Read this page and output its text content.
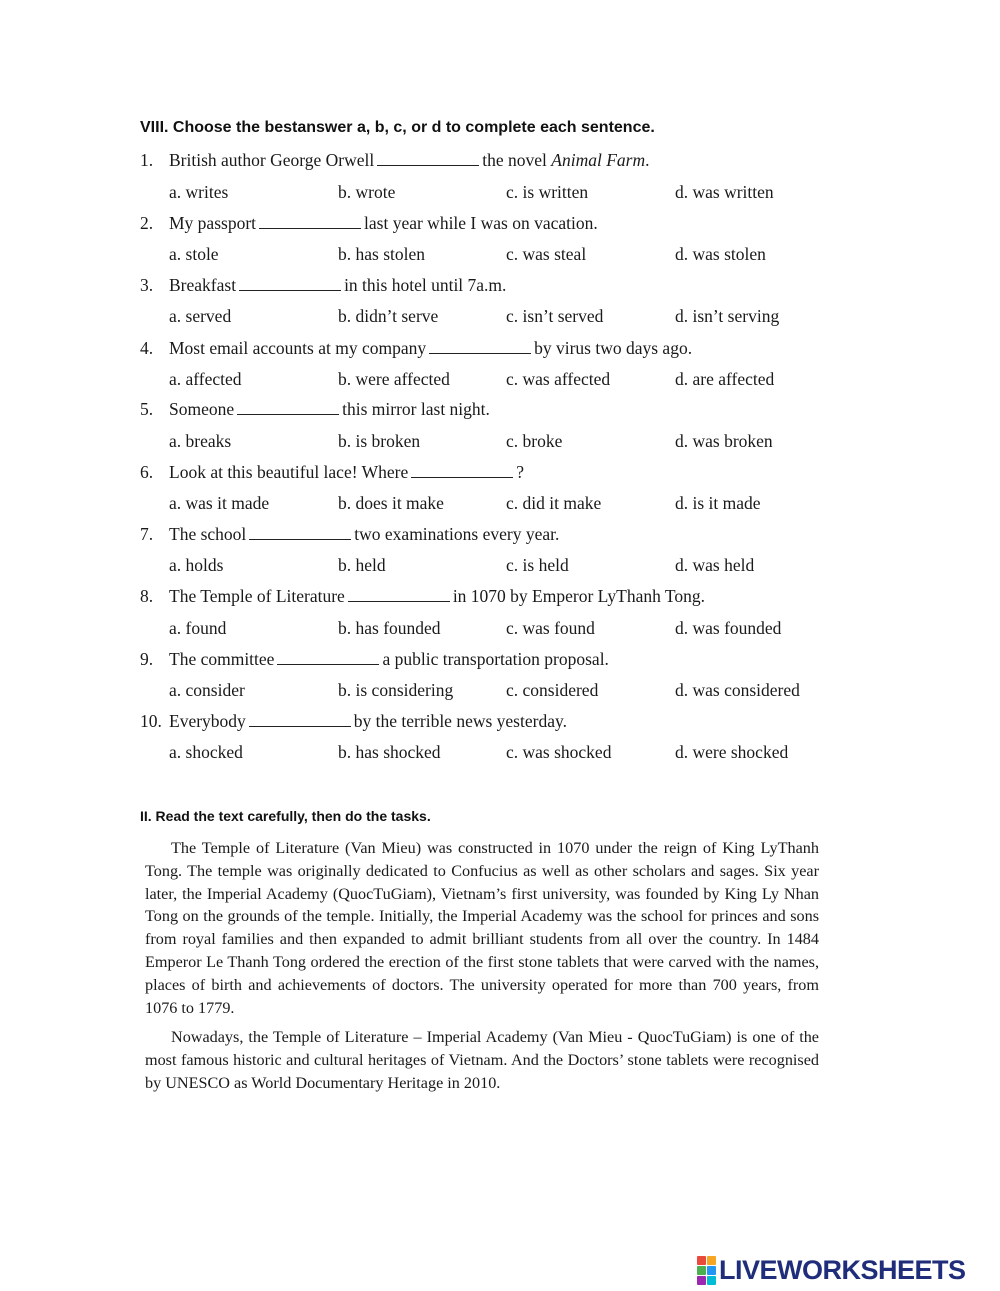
VIII. Choose the bestanswer a, b, c, or d to complete each sentence.
1. British author George Orwell	the novel Animal Farm.
a. writes	b. wrote	c. is written	d. was written
2. My passport	last year while I was on vacation.
a. stole	b. has stolen	c. was steal	d. was stolen
3. Breakfast	in this hotel until 7a.m.
a. served	b. didn’t serve	c. isn’t served	d. isn’t serving
4. Most email accounts at my company	by virus two days ago.
a. affected	b. were affected	c. was affected	d. are affected
5. Someone	this mirror last night.
a. breaks	b. is broken	c. broke	d. was broken
6. Look at this beautiful lace! Where	?
a. was it made	b. does it make	c. did it make	d. is it made
7. The school	two examinations every year.
a. holds	b. held	c. is held	d. was held
8. The Temple of Literature	in 1070 by Emperor LyThanh Tong.
a. found	b. has founded	c. was found	d. was founded
9. The committee	a public transportation proposal.
a. consider	b. is considering	c. considered	d. was considered
10. Everybody	by the terrible news yesterday.
a. shocked	b. has shocked	c. was shocked	d. were shocked
II. Read the text carefully, then do the tasks.

The Temple of Literature (Van Mieu) was constructed in 1070 under the reign of King LyThanh Tong. The temple was originally dedicated to Confucius as well as other scholars and sages. Six year later, the Imperial Academy (QuocTuGiam), Vietnam’s first university, was founded by King Ly Nhan Tong on the grounds of the temple. Initially, the Imperial Academy was the school for princes and sons from royal families and then expanded to admit brilliant students from all over the country. In 1484 Emperor Le Thanh Tong ordered the erection of the first stone tablets that were carved with the names, places of birth and achievements of doctors. The university operated for more than 700 years, from 1076 to 1779.

Nowadays, the Temple of Literature – Imperial Academy (Van Mieu - QuocTuGiam) is one of the most famous historic and cultural heritages of Vietnam. And the Doctors’ stone tablets were recognised by UNESCO as World Documentary Heritage in 2010.

LIVEWORKSHEETS
